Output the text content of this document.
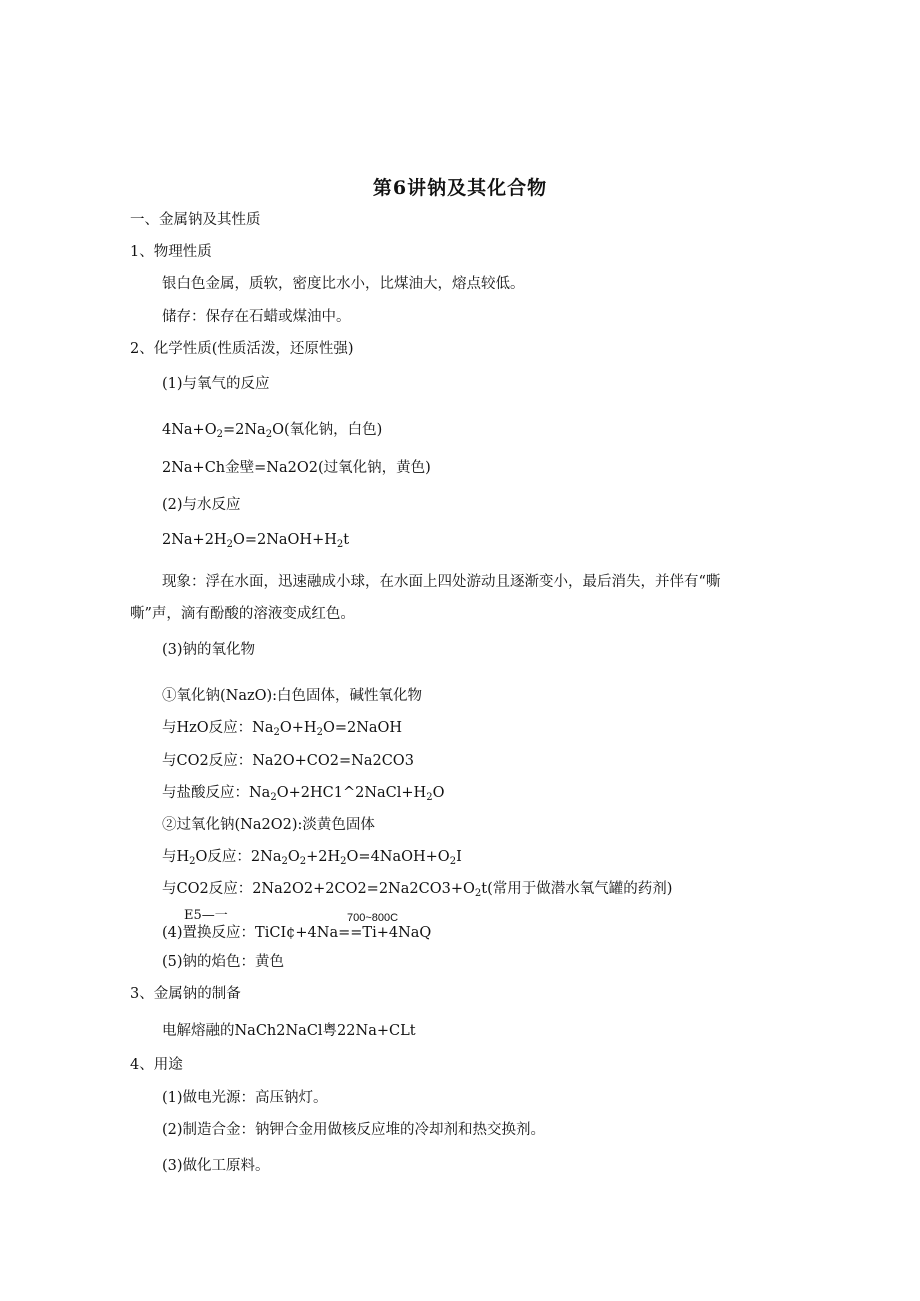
第6讲钠及其化合物
一、金属钠及其性质
1、物理性质
银白色金属，质软，密度比水小，比煤油大，熔点较低。
储存：保存在石蜡或煤油中。
2、化学性质(性质活泼，还原性强)
(1)与氧气的反应
$4Na+O_2=2Na_2O$(氧化钠，白色)
2Na+Ch金壁=Na2O2(过氧化钠，黄色)
(2)与水反应
$2Na+2H_2O=2NaOH+H_2t$
现象：浮在水面，迅速融成小球，在水面上四处游动且逐渐变小，最后消失，并伴有“嘶
嘶”声，滴有酚酸的溶液变成红色。
(3)钠的氧化物
①氧化钠(NazO):白色固体，碱性氧化物
与HzO反应：$Na_2O+H_2O=2NaOH$
与CO2反应：Na2O+CO2=Na2CO3
与盐酸反应：$Na_2O+2HC1\^{}2NaCl+H_2O$
②过氧化钠(Na2O2):淡黄色固体
与$H_2O$反应：$2Na_2O_2+2H_2O=4NaOH+O_2I$
与CO2反应：$2Na2O2+2CO2=2Na2CO3+O_2t$(常用于做潜水氧气罐的药剂)
E5—一	700~800C
(4)置换反应：TiCI¢+4Na==Ti+4NaQ
(5)钠的焰色：黄色
3、金属钠的制备
电解熔融的NaCh2NaCl粤22Na+CLt
4、用途
(1)做电光源：高压钠灯。
(2)制造合金：钠钾合金用做核反应堆的冷却剂和热交换剂。
(3)做化工原料。
